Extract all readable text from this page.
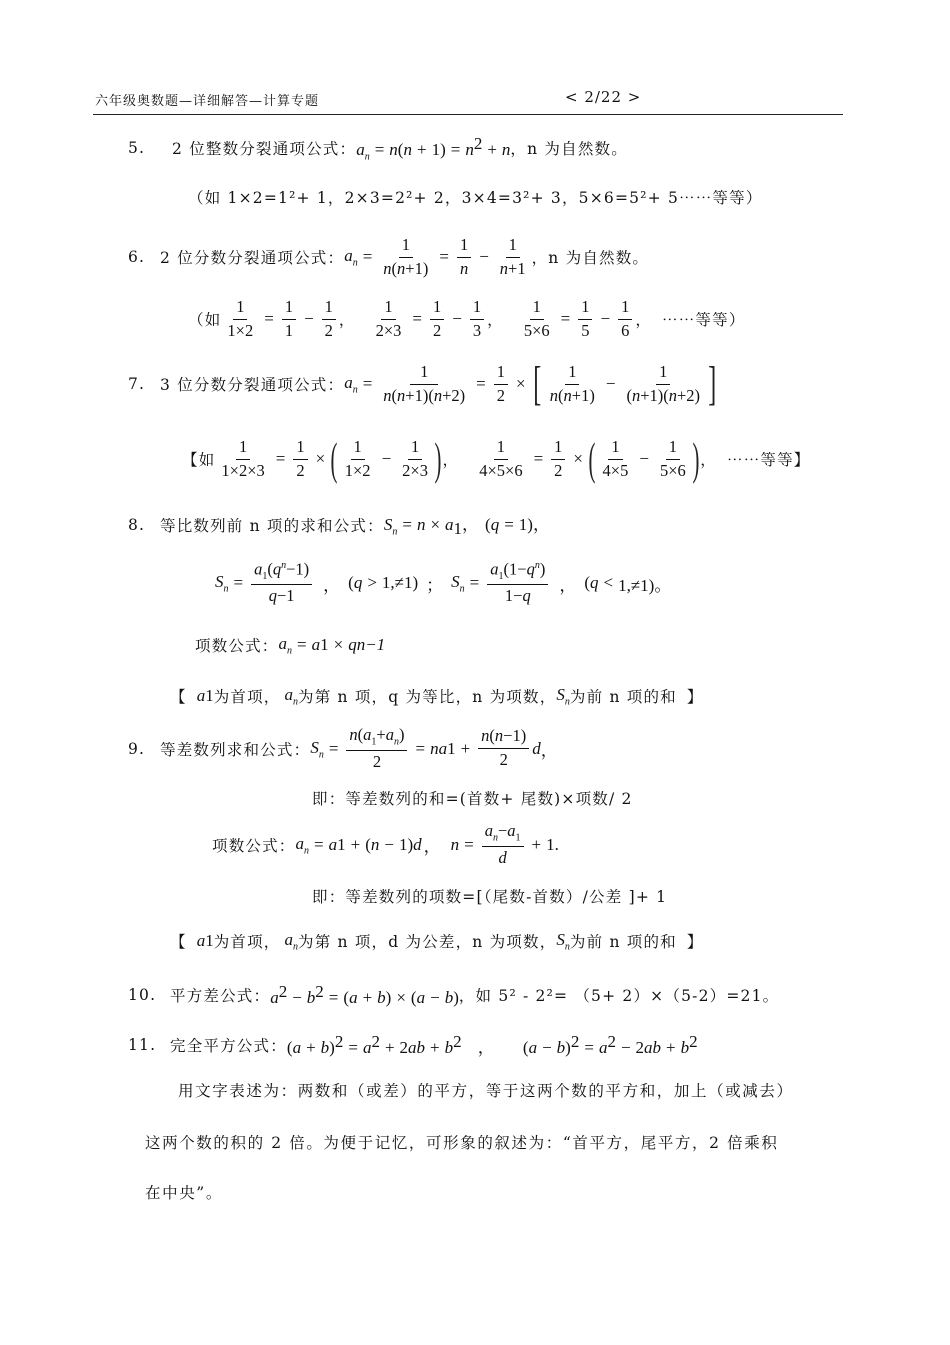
六年级奥数题—详细解答—计算专题	< 2/22 >
5.	2 位整数分裂通项公式： $a_n = n(n + 1) = n^2 + n$ ，n 为自然数。
（如 1×2=1²+ 1，2×3=2²+ 2，3×4=3²+ 3，5×6=5²+ 5⋯⋯等等）
6. 2 位分数分裂通项公式： $a_n = \frac{1}{n(n+1)} = \frac{1}{n} - \frac{1}{n+1}$ ，n 为自然数。
（如 $\frac{1}{1\times 2} = \frac{1}{1} - \frac{1}{2}$ ， $\frac{1}{2\times 3} = \frac{1}{2} - \frac{1}{3}$ ， $\frac{1}{5\times 6} = \frac{1}{5} - \frac{1}{6}$ ， ⋯⋯等等）
7. 3 位分数分裂通项公式： $a_n = \frac{1}{n(n+1)(n+2)} = \frac{1}{2}$ × [ $\frac{1}{n(n+1)} - \frac{1}{(n+1)(n+2)}$ ]
【如 $\frac{1}{1\times 2\times 3} = \frac{1}{2}$ × ( $\frac{1}{1\times 2} - \frac{1}{2\times 3}$ ) ， $\frac{1}{4\times 5\times 6} = \frac{1}{2}$ × ( $\frac{1}{4\times 5} - \frac{1}{5\times 6}$ ) ， ⋯⋯等等】
8. 等比数列前 n 项的求和公式： $S_n = n \times a_1$， (q = 1)，
$S_n = \frac{a_1(q^n-1)}{q-1}$ ， ( q > 1,≠1) ； $S_n = \frac{a_1(1-q^n)}{1-q}$ ， ( q < 1,≠1)。
项数公式： $a_n = a$ 1 × q n−1
【 a 1 为首项， $a_n$ 为第 n 项，q 为等比，n 为项数， $S_n$ 为前 n 项的和 】
9. 等差数列求和公式： $S_n = \frac{n(a_1+a_n)}{2}$ = na $1 + \frac{n(n-1)}{2}$ d ，
即：等差数列的和=(首数+ 尾数)×项数/ 2
项数公式： $a_n = a$ 1 + ( n − 1) d ， $n = \frac{a_n-a_1}{d} + 1$.
即：等差数列的项数=[（尾数-首数）/公差 ]+ 1
【 a 1 为首项， $a_n$ 为第 n 项，d 为公差，n 为项数， $S_n$ 为前 n 项的和 】
10. 平方差公式： $a^2 - b^2 = (a + b) \times (a - b)$ ，如 5² - 2²= （5+ 2）×（5-2）=21。
11. 完全平方公式： $(a + b)^2 = a^2 + 2ab + b^2$ ， $(a - b)^2 = a^2 - 2ab + b^2$
用文字表述为：两数和（或差）的平方，等于这两个数的平方和，加上（或减去）
这两个数的积的 2 倍。为便于记忆，可形象的叙述为：“首平方，尾平方，2 倍乘积
在中央”。
